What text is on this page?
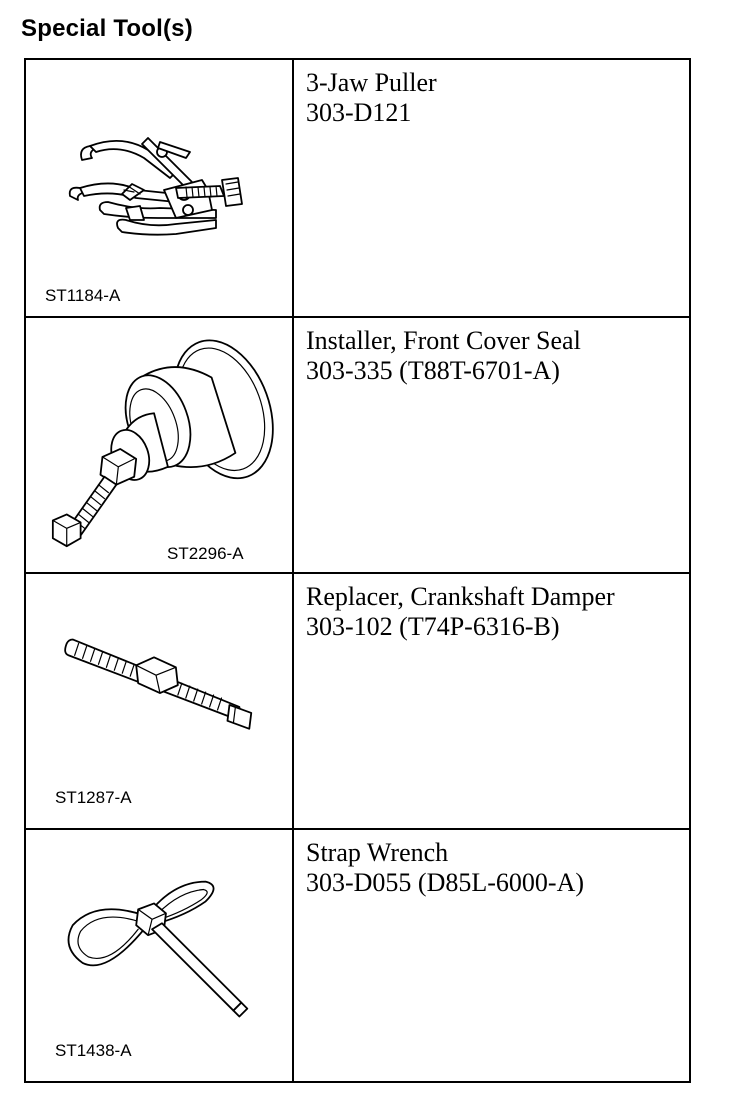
Special Tool(s)
ST1184-A

3-Jaw Puller

303-D121

ST2296-A

Installer, Front Cover Seal

303-335 (T88T-6701-A)

ST1287-A

Replacer, Crankshaft Damper

303-102 (T74P-6316-B)

ST1438-A

Strap Wrench

303-D055 (D85L-6000-A)
